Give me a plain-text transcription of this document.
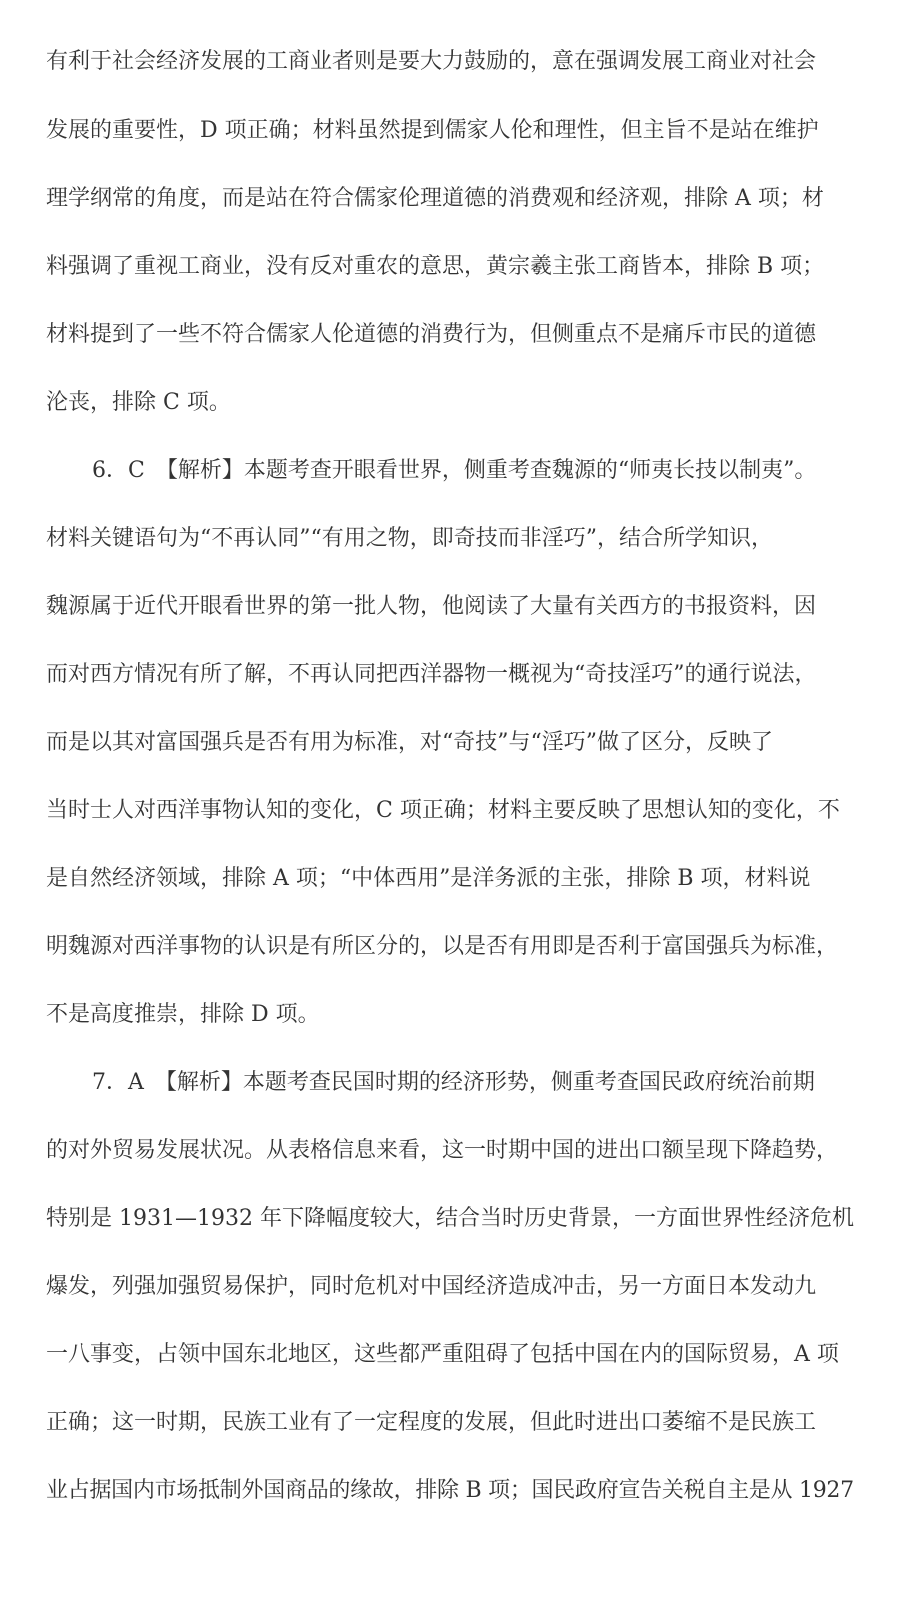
有利于社会经济发展的工商业者则是要大力鼓励的，意在强调发展工商业对社会
发展的重要性，D 项正确；材料虽然提到儒家人伦和理性，但主旨不是站在维护
理学纲常的角度，而是站在符合儒家伦理道德的消费观和经济观，排除 A 项；材
料强调了重视工商业，没有反对重农的意思，黄宗羲主张工商皆本，排除 B 项；
材料提到了一些不符合儒家人伦道德的消费行为，但侧重点不是痛斥市民的道德
沦丧，排除 C 项。
6．C　【解析】本题考查开眼看世界，侧重考查魏源的“师夷长技以制夷”。
材料关键语句为“不再认同”“有用之物，即奇技而非淫巧”，结合所学知识，
魏源属于近代开眼看世界的第一批人物，他阅读了大量有关西方的书报资料，因
而对西方情况有所了解，不再认同把西洋器物一概视为“奇技淫巧”的通行说法，
而是以其对富国强兵是否有用为标准，对“奇技”与“淫巧”做了区分，反映了
当时士人对西洋事物认知的变化，C 项正确；材料主要反映了思想认知的变化，不
是自然经济领域，排除 A 项；“中体西用”是洋务派的主张，排除 B 项，材料说
明魏源对西洋事物的认识是有所区分的，以是否有用即是否利于富国强兵为标准，
不是高度推崇，排除 D 项。
7．A　【解析】本题考查民国时期的经济形势，侧重考查国民政府统治前期
的对外贸易发展状况。从表格信息来看，这一时期中国的进出口额呈现下降趋势，
特别是 1931—1932 年下降幅度较大，结合当时历史背景，一方面世界性经济危机
爆发，列强加强贸易保护，同时危机对中国经济造成冲击，另一方面日本发动九
一八事变，占领中国东北地区，这些都严重阻碍了包括中国在内的国际贸易，A 项
正确；这一时期，民族工业有了一定程度的发展，但此时进出口萎缩不是民族工
业占据国内市场抵制外国商品的缘故，排除 B 项；国民政府宣告关税自主是从 1927
